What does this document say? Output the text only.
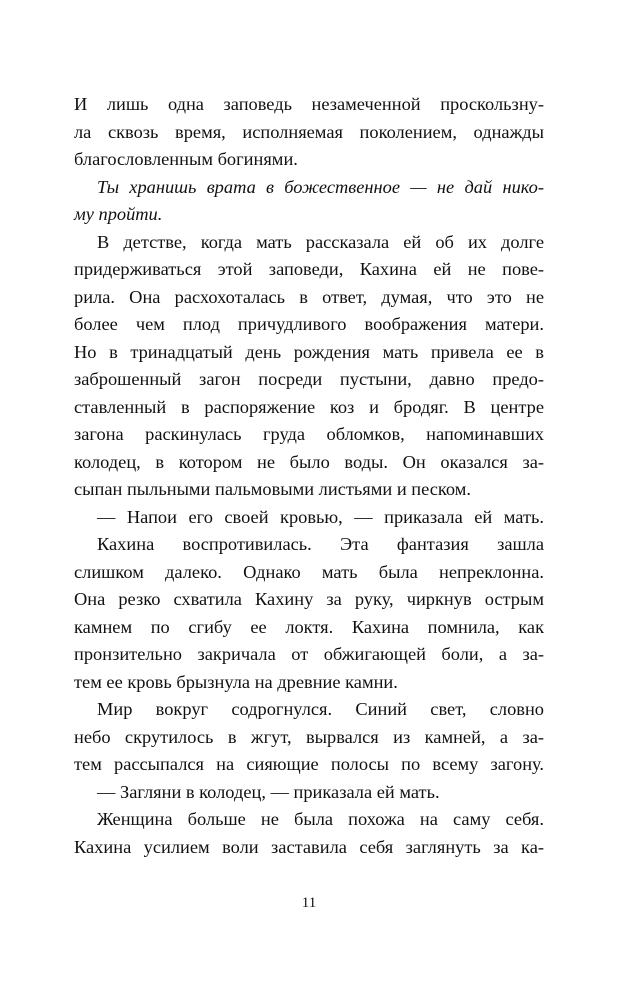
И лишь одна заповедь незамеченной проскользну-
ла сквозь время, исполняемая поколением, однажды
благословленным богинями.
Ты хранишь врата в божественное — не дай нико-
му пройти.
В детстве, когда мать рассказала ей об их долге
придерживаться этой заповеди, Кахина ей не пове-
рила. Она расхохоталась в ответ, думая, что это не
более чем плод причудливого воображения матери.
Но в тринадцатый день рождения мать привела ее в
заброшенный загон посреди пустыни, давно предо-
ставленный в распоряжение коз и бродяг. В центре
загона раскинулась груда обломков, напоминавших
колодец, в котором не было воды. Он оказался за-
сыпан пыльными пальмовыми листьями и песком.
— Напои его своей кровью, — приказала ей мать.
Кахина воспротивилась. Эта фантазия зашла
слишком далеко. Однако мать была непреклонна.
Она резко схватила Кахину за руку, чиркнув острым
камнем по сгибу ее локтя. Кахина помнила, как
пронзительно закричала от обжигающей боли, а за-
тем ее кровь брызнула на древние камни.
Мир вокруг содрогнулся. Синий свет, словно
небо скрутилось в жгут, вырвался из камней, а за-
тем рассыпался на сияющие полосы по всему загону.
— Загляни в колодец, — приказала ей мать.
Женщина больше не была похожа на саму себя.
Кахина усилием воли заставила себя заглянуть за ка-
11
